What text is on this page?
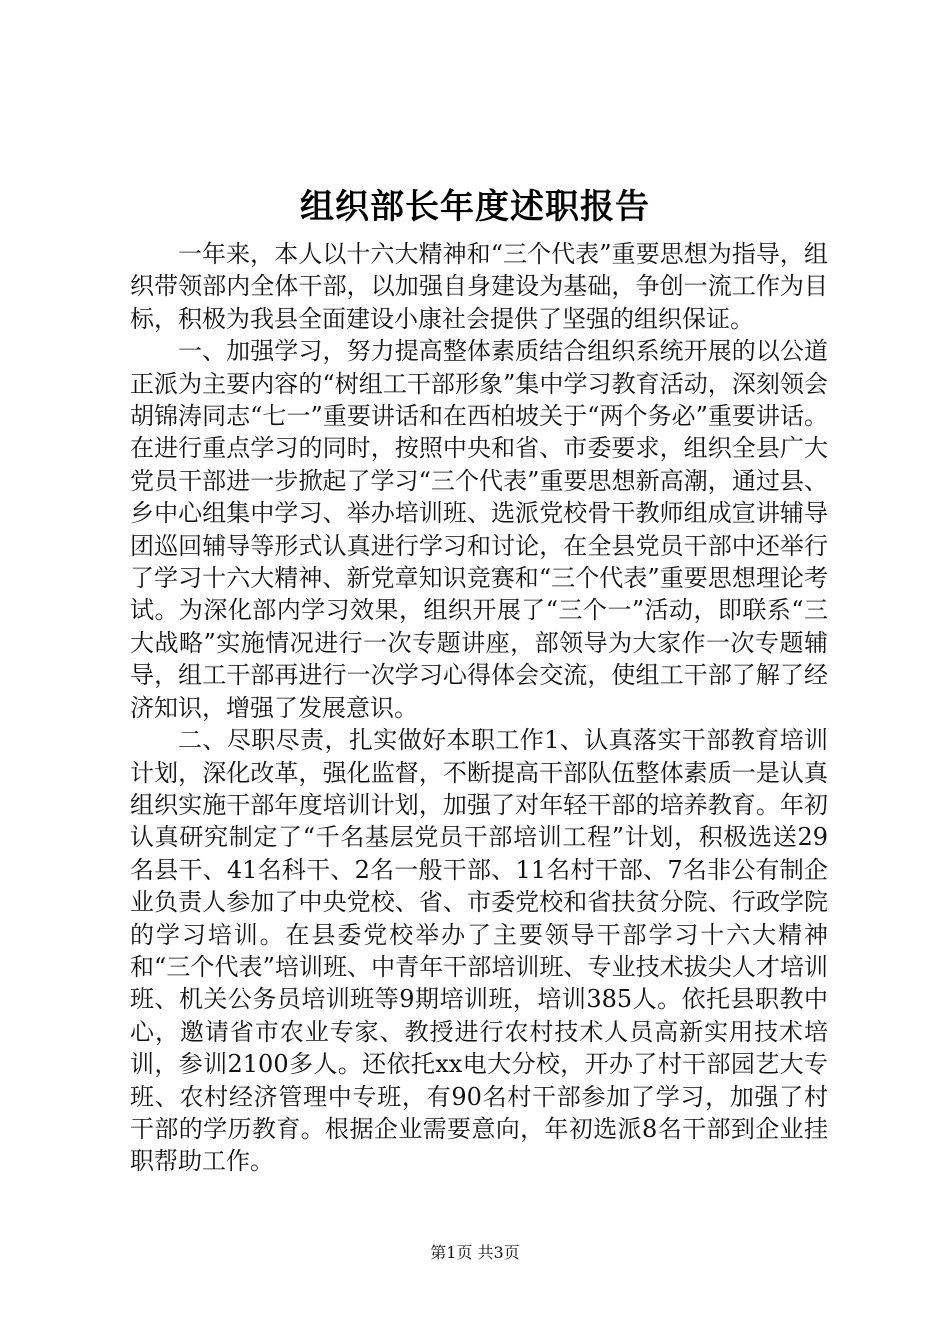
组织部长年度述职报告

一年来，本人以十六大精神和“三个代表”重要思想为指导，组织带领部内全体干部，以加强自身建设为基础，争创一流工作为目标，积极为我县全面建设小康社会提供了坚强的组织保证。

一、加强学习，努力提高整体素质结合组织系统开展的以公道正派为主要内容的“树组工干部形象”集中学习教育活动，深刻领会胡锦涛同志“七一”重要讲话和在西柏坡关于“两个务必”重要讲话。在进行重点学习的同时，按照中央和省、市委要求，组织全县广大党员干部进一步掀起了学习“三个代表”重要思想新高潮，通过县、乡中心组集中学习、举办培训班、选派党校骨干教师组成宣讲辅导团巡回辅导等形式认真进行学习和讨论，在全县党员干部中还举行了学习十六大精神、新党章知识竞赛和“三个代表”重要思想理论考试。为深化部内学习效果，组织开展了“三个一”活动，即联系“三大战略”实施情况进行一次专题讲座，部领导为大家作一次专题辅导，组工干部再进行一次学习心得体会交流，使组工干部了解了经济知识，增强了发展意识。

二、尽职尽责，扎实做好本职工作1、认真落实干部教育培训计划，深化改革，强化监督，不断提高干部队伍整体素质一是认真组织实施干部年度培训计划，加强了对年轻干部的培养教育。年初认真研究制定了“千名基层党员干部培训工程”计划，积极选送29名县干、41名科干、2名一般干部、11名村干部、7名非公有制企业负责人参加了中央党校、省、市委党校和省扶贫分院、行政学院的学习培训。在县委党校举办了主要领导干部学习十六大精神和“三个代表”培训班、中青年干部培训班、专业技术拔尖人才培训班、机关公务员培训班等9期培训班，培训385人。依托县职教中心，邀请省市农业专家、教授进行农村技术人员高新实用技术培训，参训2100多人。还依托xx电大分校，开办了村干部园艺大专班、农村经济管理中专班，有90名村干部参加了学习，加强了村干部的学历教育。根据企业需要意向，年初选派8名干部到企业挂职帮助工作。

第1页 共3页
